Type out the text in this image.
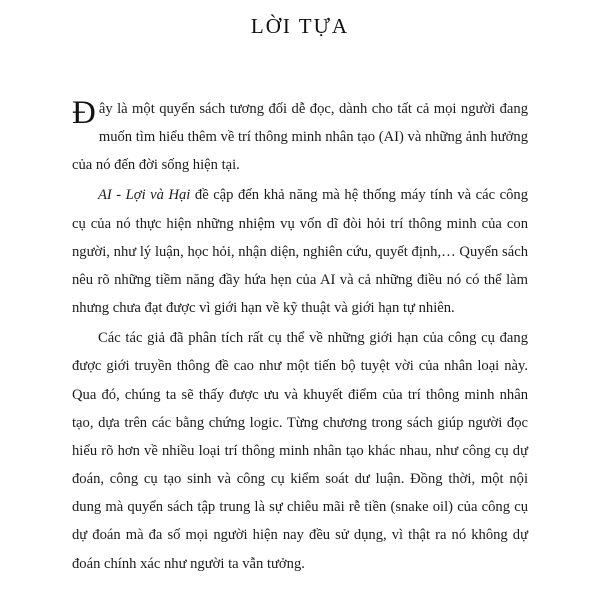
LỜI TỰA

Đây là một quyển sách tương đối dễ đọc, dành cho tất cả mọi người đang muốn tìm hiểu thêm về trí thông minh nhân tạo (AI) và những ảnh hưởng của nó đến đời sống hiện tại.

AI - Lợi và Hại đề cập đến khả năng mà hệ thống máy tính và các công cụ của nó thực hiện những nhiệm vụ vốn dĩ đòi hỏi trí thông minh của con người, như lý luận, học hỏi, nhận diện, nghiên cứu, quyết định,… Quyển sách nêu rõ những tiềm năng đầy hứa hẹn của AI và cả những điều nó có thể làm nhưng chưa đạt được vì giới hạn về kỹ thuật và giới hạn tự nhiên.

Các tác giả đã phân tích rất cụ thể về những giới hạn của công cụ đang được giới truyền thông đề cao như một tiến bộ tuyệt vời của nhân loại này. Qua đó, chúng ta sẽ thấy được ưu và khuyết điểm của trí thông minh nhân tạo, dựa trên các bằng chứng logic. Từng chương trong sách giúp người đọc hiểu rõ hơn về nhiều loại trí thông minh nhân tạo khác nhau, như công cụ dự đoán, công cụ tạo sinh và công cụ kiểm soát dư luận. Đồng thời, một nội dung mà quyển sách tập trung là sự chiêu mãi rễ tiền (snake oil) của công cụ dự đoán mà đa số mọi người hiện nay đều sử dụng, vì thật ra nó không dự đoán chính xác như người ta vẫn tưởng.
